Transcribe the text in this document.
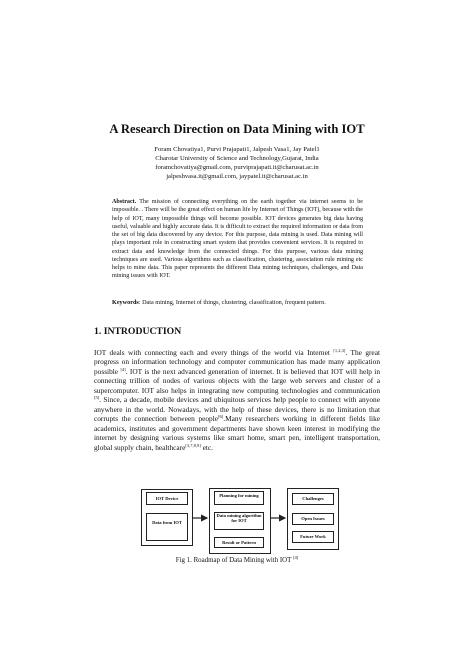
A Research Direction on Data Mining with IOT
Foram Chovatiya1, Purvi Prajapati1, Jalpesh Vasa1, Jay Patel1
Charotar University of Science and Technology,Gujarat, India
foramchovatiya@gmail.com, purviprajapati.it@charusat.ac.in
jalpeshvasa.it@gmail.com, jaypatel.it@charusat.ac.in
Abstract. The mission of connecting everything on the earth together via internet seems to be impossible. . There will be the great effect on human life by Internet of Things (IOT), because with the help of IOT, many impossible things will become possible. IOT devices generates big data having useful, valuable and highly accurate data. It is difficult to extract the required information or data from the set of big data discovered by any device. For this purpose, data mining is used. Data mining will plays important role in constructing smart system that provides convenient services. It is required to extract data and knowledge from the connected things. For this purpose, various data mining techniques are used. Various algorithms such as classification, clustering, association rule mining etc helps to mine data. This paper represents the different Data mining techniques, challenges, and Data mining issues with IOT.
Keywords: Data mining, Internet of things, clustering, classification, frequent pattern.
1. INTRODUCTION
IOT deals with connecting each and every things of the world via Internet [1,2,3]. The great progress on information technology and computer communication has made many application possible [4]. IOT is the next advanced generation of internet. It is believed that IOT will help in connecting trillion of nodes of various objects with the large web servers and cluster of a supercomputer. IOT also helps in integrating new computing technologies and communication [5]. Since, a decade, mobile devices and ubiquitous services help people to connect with anyone anywhere in the world. Nowadays, with the help of these devices, there is no limitation that corrupts the connection between people[6].Many researchers working in different fields like academics, institutes and government departments have shown keen interest in modifying the internet by designing various systems like smart home, smart pen, intelligent transportation, global supply chain, healthcare[3,7,8,9] etc.
IOT Device
Data from IOT
Planning for mining
Data mining algorithm for IOT
Result or Pattern
Challenges
Open Issues
Future Work
Fig 1. Roadmap of Data Mining with IOT [4]
